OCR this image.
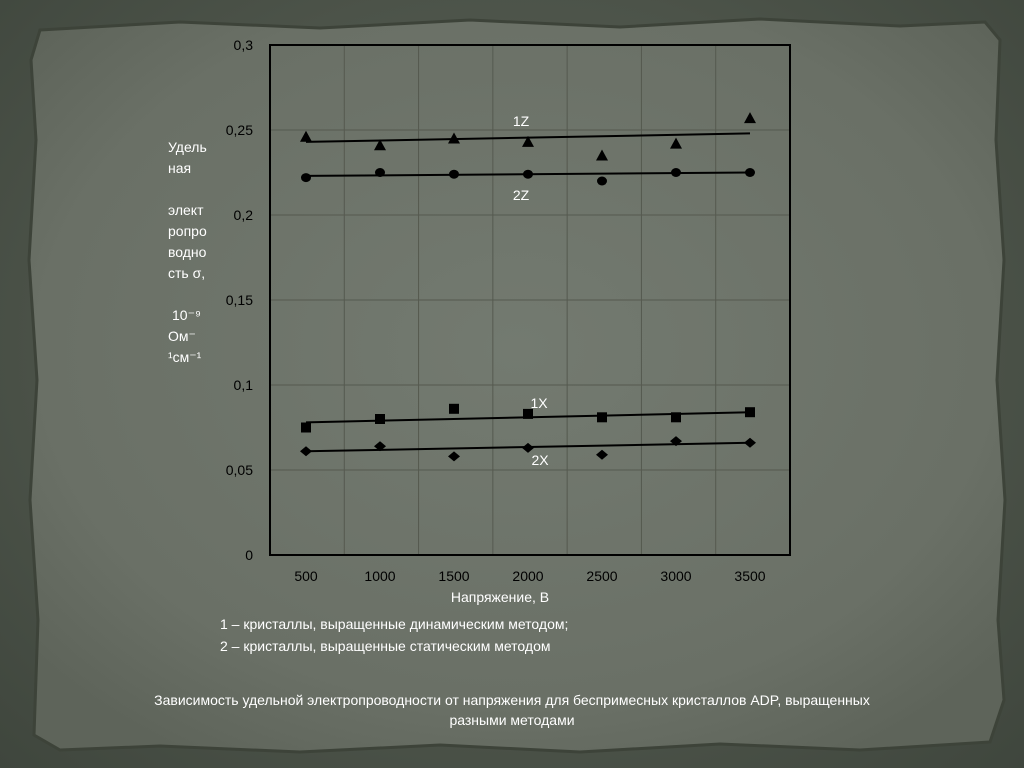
0
0,05
0,1
0,15
0,2
0,25
0,3
500	1000	1500	2000	2500	3000	3500
1Z
2Z
1X
2X
Удель
ная
элект
ропро
водно
сть σ,
10⁻⁹
Ом⁻
¹см⁻¹
Напряжение, В
1 – кристаллы, выращенные динамическим методом;
2 – кристаллы, выращенные статическим методом
Зависимость удельной электропроводности от напряжения для беспримесных кристаллов ADP, выращенных
разными методами
